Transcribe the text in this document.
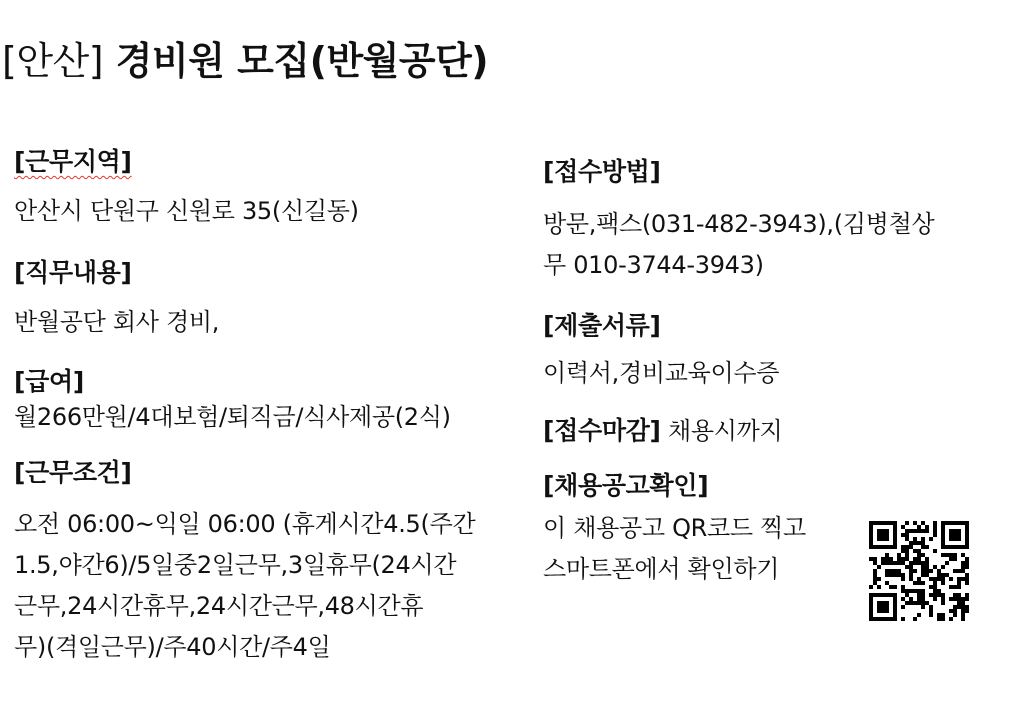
[안산] 경비원 모집(반월공단)
[근무지역]
안산시 단원구 신원로 35(신길동)
[직무내용]
반월공단 회사 경비,
[급여]
월266만원/4대보험/퇴직금/식사제공(2식)
[근무조건]
오전 06:00~익일 06:00 (휴게시간4.5(주간
1.5,야간6)/5일중2일근무,3일휴무(24시간
근무,24시간휴무,24시간근무,48시간휴
무)(격일근무)/주40시간/주4일
[접수방법]
방문,팩스(031-482-3943),(김병철상
무 010-3744-3943)
[제출서류]
이력서,경비교육이수증
[접수마감] 채용시까지
[채용공고확인]
이 채용공고 QR코드 찍고
스마트폰에서 확인하기
